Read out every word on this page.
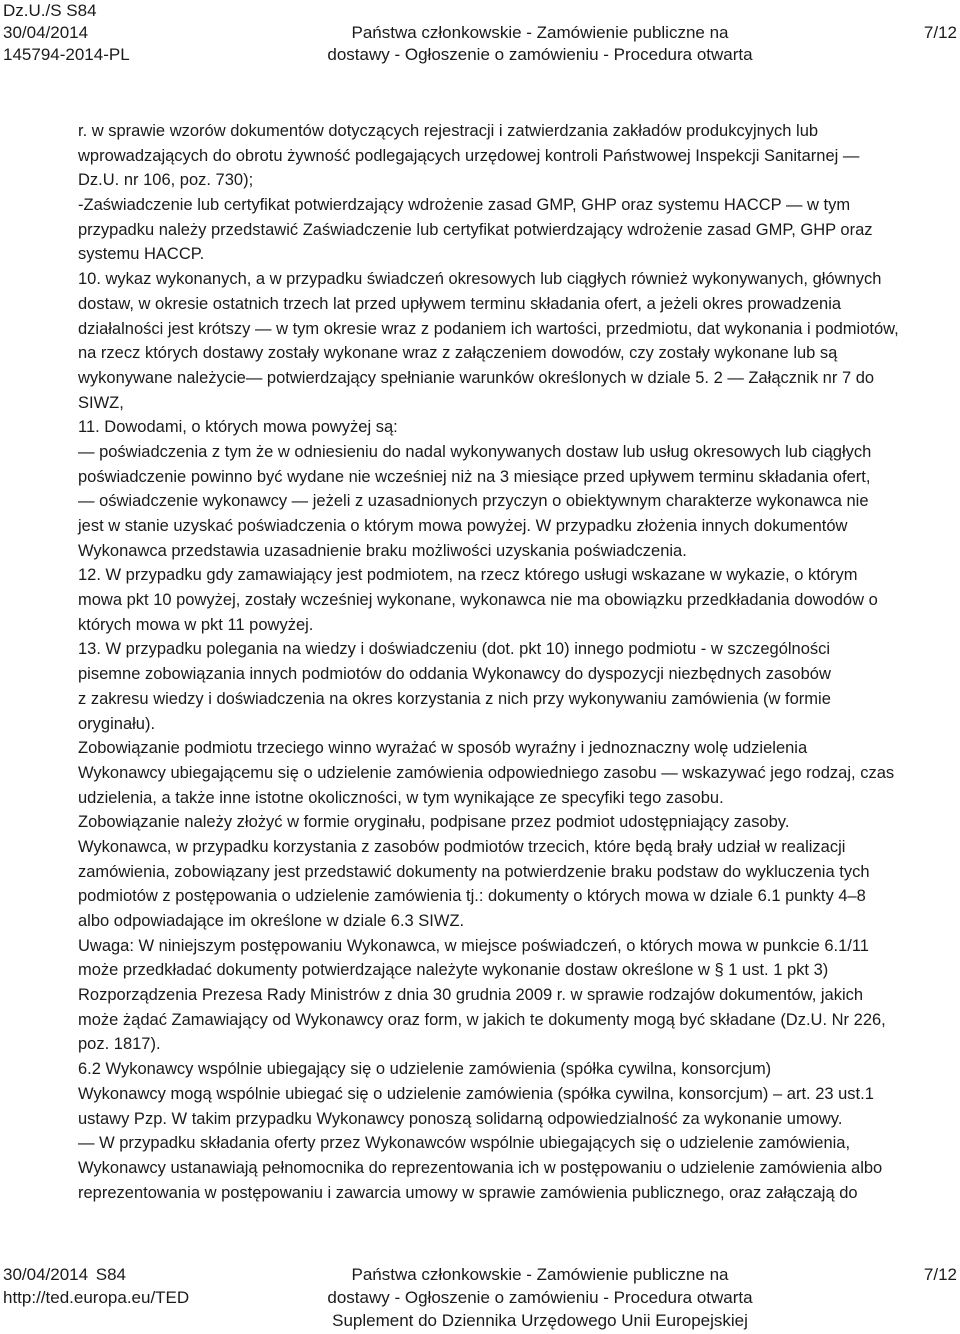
Dz.U./S S84
30/04/2014
145794-2014-PL
Państwa członkowskie - Zamówienie publiczne na
dostawy - Ogłoszenie o zamówieniu - Procedura otwarta
7/12
r. w sprawie wzorów dokumentów dotyczących rejestracji i zatwierdzania zakładów produkcyjnych lub
wprowadzających do obrotu żywność podlegających urzędowej kontroli Państwowej Inspekcji Sanitarnej —
Dz.U. nr 106, poz. 730);
-Zaświadczenie lub certyfikat potwierdzający wdrożenie zasad GMP, GHP oraz systemu HACCP — w tym
przypadku należy przedstawić Zaświadczenie lub certyfikat potwierdzający wdrożenie zasad GMP, GHP oraz
systemu HACCP.
10. wykaz wykonanych, a w przypadku świadczeń okresowych lub ciągłych również wykonywanych, głównych
dostaw, w okresie ostatnich trzech lat przed upływem terminu składania ofert, a jeżeli okres prowadzenia
działalności jest krótszy — w tym okresie wraz z podaniem ich wartości, przedmiotu, dat wykonania i podmiotów,
na rzecz których dostawy zostały wykonane wraz z załączeniem dowodów, czy zostały wykonane lub są
wykonywane należycie— potwierdzający spełnianie warunków określonych w dziale 5. 2 — Załącznik nr 7 do
SIWZ,
11. Dowodami, o których mowa powyżej są:
— poświadczenia z tym że w odniesieniu do nadal wykonywanych dostaw lub usług okresowych lub ciągłych
poświadczenie powinno być wydane nie wcześniej niż na 3 miesiące przed upływem terminu składania ofert,
— oświadczenie wykonawcy — jeżeli z uzasadnionych przyczyn o obiektywnym charakterze wykonawca nie
jest w stanie uzyskać poświadczenia o którym mowa powyżej. W przypadku złożenia innych dokumentów
Wykonawca przedstawia uzasadnienie braku możliwości uzyskania poświadczenia.
12. W przypadku gdy zamawiający jest podmiotem, na rzecz którego usługi wskazane w wykazie, o którym
mowa pkt 10 powyżej, zostały wcześniej wykonane, wykonawca nie ma obowiązku przedkładania dowodów o
których mowa w pkt 11 powyżej.
13. W przypadku polegania na wiedzy i doświadczeniu (dot. pkt 10) innego podmiotu - w szczególności
pisemne zobowiązania innych podmiotów do oddania Wykonawcy do dyspozycji niezbędnych zasobów
z zakresu wiedzy i doświadczenia na okres korzystania z nich przy wykonywaniu zamówienia (w formie
oryginału).
Zobowiązanie podmiotu trzeciego winno wyrażać w sposób wyraźny i jednoznaczny wolę udzielenia
Wykonawcy ubiegającemu się o udzielenie zamówienia odpowiedniego zasobu — wskazywać jego rodzaj, czas
udzielenia, a także inne istotne okoliczności, w tym wynikające ze specyfiki tego zasobu.
Zobowiązanie należy złożyć w formie oryginału, podpisane przez podmiot udostępniający zasoby.
Wykonawca, w przypadku korzystania z zasobów podmiotów trzecich, które będą brały udział w realizacji
zamówienia, zobowiązany jest przedstawić dokumenty na potwierdzenie braku podstaw do wykluczenia tych
podmiotów z postępowania o udzielenie zamówienia tj.: dokumenty o których mowa w dziale 6.1 punkty 4–8
albo odpowiadające im określone w dziale 6.3 SIWZ.
Uwaga: W niniejszym postępowaniu Wykonawca, w miejsce poświadczeń, o których mowa w punkcie 6.1/11
może przedkładać dokumenty potwierdzające należyte wykonanie dostaw określone w § 1 ust. 1 pkt 3)
Rozporządzenia Prezesa Rady Ministrów z dnia 30 grudnia 2009 r. w sprawie rodzajów dokumentów, jakich
może żądać Zamawiający od Wykonawcy oraz form, w jakich te dokumenty mogą być składane (Dz.U. Nr 226,
poz. 1817).
6.2 Wykonawcy wspólnie ubiegający się o udzielenie zamówienia (spółka cywilna, konsorcjum)
Wykonawcy mogą wspólnie ubiegać się o udzielenie zamówienia (spółka cywilna, konsorcjum) – art. 23 ust.1
ustawy Pzp. W takim przypadku Wykonawcy ponoszą solidarną odpowiedzialność za wykonanie umowy.
— W przypadku składania oferty przez Wykonawców wspólnie ubiegających się o udzielenie zamówienia,
Wykonawcy ustanawiają pełnomocnika do reprezentowania ich w postępowaniu o udzielenie zamówienia albo
reprezentowania w postępowaniu i zawarcia umowy w sprawie zamówienia publicznego, oraz załączają do
30/04/2014 S84
http://ted.europa.eu/TED
Państwa członkowskie - Zamówienie publiczne na
dostawy - Ogłoszenie o zamówieniu - Procedura otwarta
Suplement do Dziennika Urzędowego Unii Europejskiej
7/12
